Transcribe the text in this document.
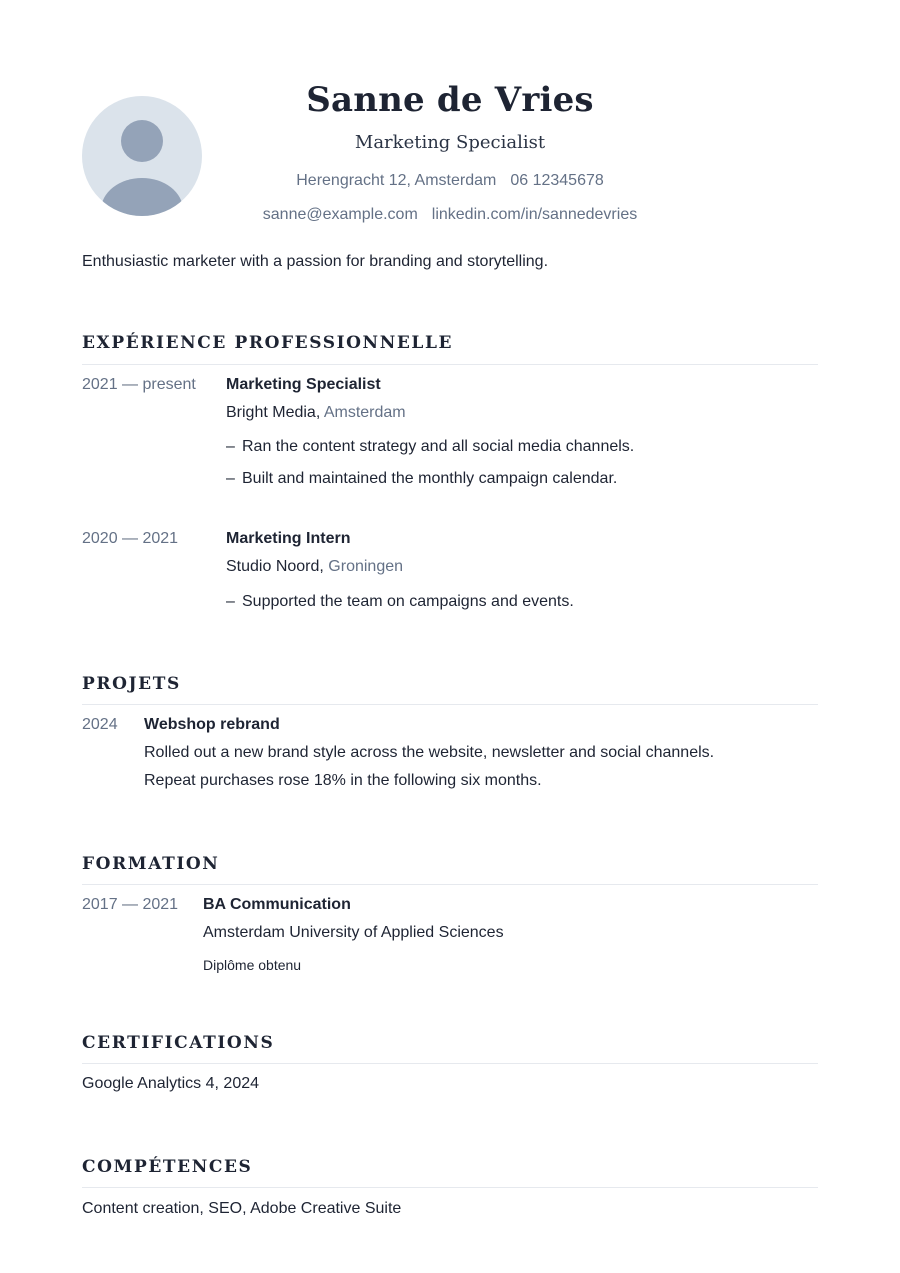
Sanne de Vries
Marketing Specialist
Herengracht 12, Amsterdam 06 12345678
sanne@example.com linkedin.com/in/sannedevries
Enthusiastic marketer with a passion for branding and storytelling.
EXPÉRIENCE PROFESSIONNELLE
2021 — present Marketing Specialist
Bright Media, Amsterdam
– Ran the content strategy and all social media channels.
– Built and maintained the monthly campaign calendar.
2020 — 2021	Marketing Intern
Studio Noord, Groningen
– Supported the team on campaigns and events.
PROJETS
2024 Webshop rebrand
Rolled out a new brand style across the website, newsletter and social channels.
Repeat purchases rose 18% in the following six months.
FORMATION
2017 — 2021 BA Communication
Amsterdam University of Applied Sciences
Diplôme obtenu
CERTIFICATIONS
Google Analytics 4, 2024
COMPÉTENCES
Content creation, SEO, Adobe Creative Suite
